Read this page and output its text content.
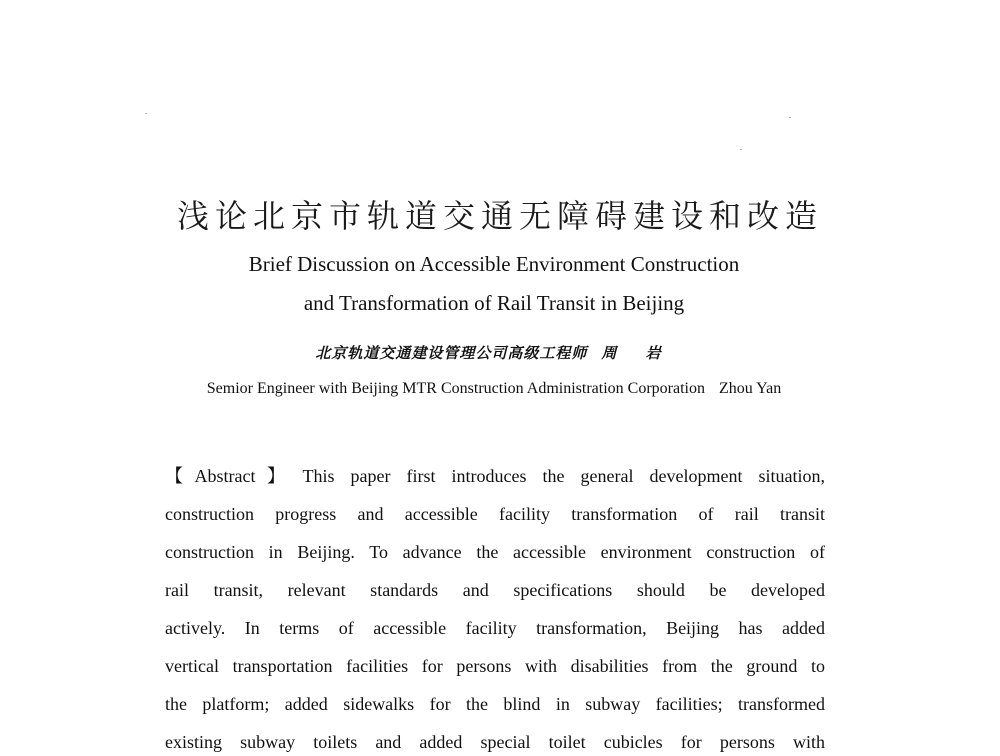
浅论北京市轨道交通无障碍建设和改造
Brief Discussion on Accessible Environment Construction
and Transformation of Rail Transit in Beijing
北京轨道交通建设管理公司高级工程师 周 岩
Semior Engineer with Beijing MTR Construction Administration Corporation Zhou Yan
【Abstract】 This paper first introduces the general development situation,
construction progress and accessible facility transformation of rail transit
construction in Beijing. To advance the accessible environment construction of
rail transit, relevant standards and specifications should be developed
actively. In terms of accessible facility transformation, Beijing has added
vertical transportation facilities for persons with disabilities from the ground to
the platform; added sidewalks for the blind in subway facilities; transformed
existing subway toilets and added special toilet cubicles for persons with
